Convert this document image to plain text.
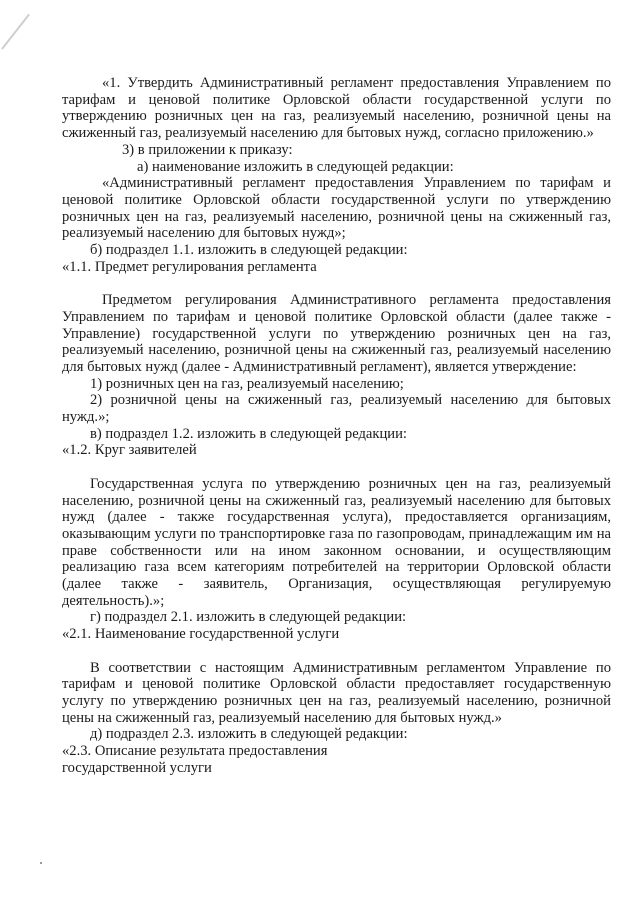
«1. Утвердить Административный регламент предоставления Управлением по тарифам и ценовой политике Орловской области государственной услуги по утверждению розничных цен на газ, реализуемый населению, розничной цены на сжиженный газ, реализуемый населению для бытовых нужд, согласно приложению.»

3) в приложении к приказу:

а) наименование изложить в следующей редакции:

«Административный регламент предоставления Управлением по тарифам и ценовой политике Орловской области государственной услуги по утверждению розничных цен на газ, реализуемый населению, розничной цены на сжиженный газ, реализуемый населению для бытовых нужд»;

б) подраздел 1.1. изложить в следующей редакции:

«1.1. Предмет регулирования регламента

Предметом регулирования Административного регламента предоставления Управлением по тарифам и ценовой политике Орловской области (далее также - Управление) государственной услуги по утверждению розничных цен на газ, реализуемый населению, розничной цены на сжиженный газ, реализуемый населению для бытовых нужд (далее - Административный регламент), является утверждение:

1) розничных цен на газ, реализуемый населению;

2) розничной цены на сжиженный газ, реализуемый населению для бытовых нужд.»;

в) подраздел 1.2. изложить в следующей редакции:

«1.2. Круг заявителей

Государственная услуга по утверждению розничных цен на газ, реализуемый населению, розничной цены на сжиженный газ, реализуемый населению для бытовых нужд (далее - также государственная услуга), предоставляется организациям, оказывающим услуги по транспортировке газа по газопроводам, принадлежащим им на праве собственности или на ином законном основании, и осуществляющим реализацию газа всем категориям потребителей на территории Орловской области (далее также - заявитель, Организация, осуществляющая регулируемую деятельность).»;

г) подраздел 2.1. изложить в следующей редакции:

«2.1. Наименование государственной услуги

В соответствии с настоящим Административным регламентом Управление по тарифам и ценовой политике Орловской области предоставляет государственную услугу по утверждению розничных цен на газ, реализуемый населению, розничной цены на сжиженный газ, реализуемый населению для бытовых нужд.»

д) подраздел 2.3. изложить в следующей редакции:

«2.3. Описание результата предоставления

государственной услуги
